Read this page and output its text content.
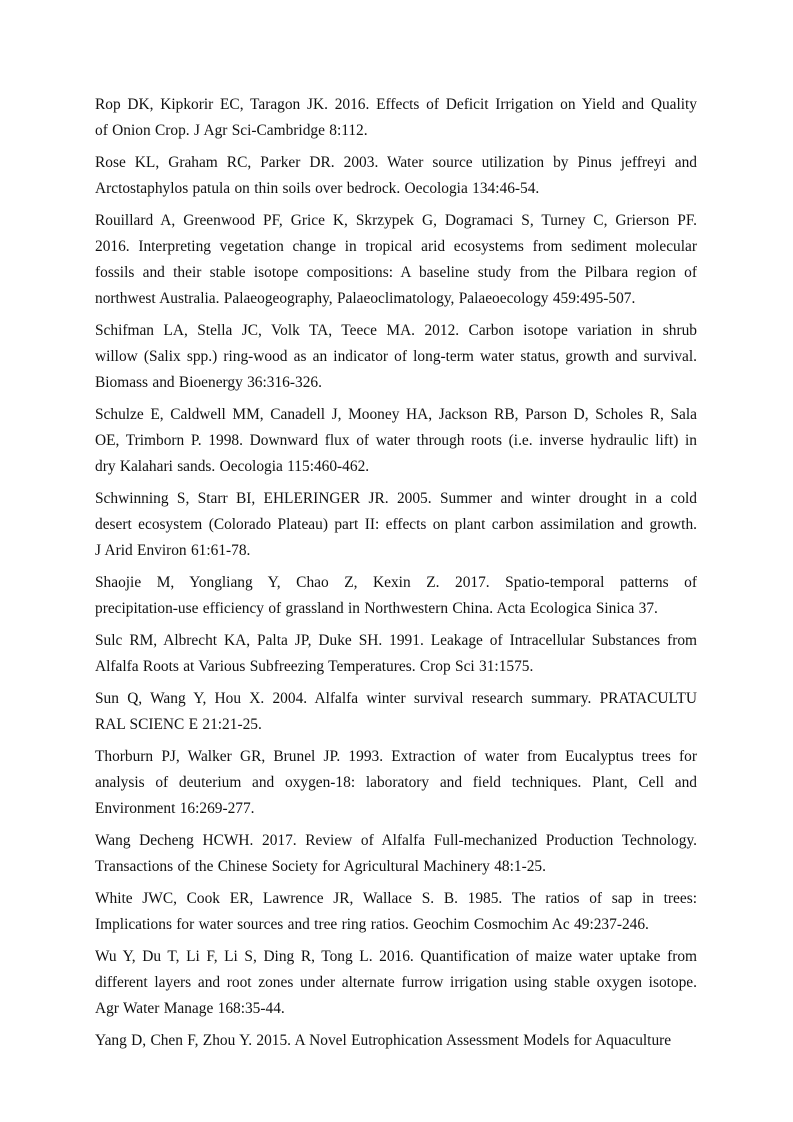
Rop DK, Kipkorir EC, Taragon JK. 2016. Effects of Deficit Irrigation on Yield and Quality
of Onion Crop. J Agr Sci-Cambridge 8:112.

Rose KL, Graham RC, Parker DR. 2003. Water source utilization by Pinus jeffreyi and
Arctostaphylos patula on thin soils over bedrock. Oecologia 134:46-54.

Rouillard A, Greenwood PF, Grice K, Skrzypek G, Dogramaci S, Turney C, Grierson PF.
2016. Interpreting vegetation change in tropical arid ecosystems from sediment molecular
fossils and their stable isotope compositions: A baseline study from the Pilbara region of
northwest Australia. Palaeogeography, Palaeoclimatology, Palaeoecology 459:495-507.

Schifman LA, Stella JC, Volk TA, Teece MA. 2012. Carbon isotope variation in shrub
willow (Salix spp.) ring-wood as an indicator of long-term water status, growth and survival.
Biomass and Bioenergy 36:316-326.

Schulze E, Caldwell MM, Canadell J, Mooney HA, Jackson RB, Parson D, Scholes R, Sala
OE, Trimborn P. 1998. Downward flux of water through roots (i.e. inverse hydraulic lift) in
dry Kalahari sands. Oecologia 115:460-462.

Schwinning S, Starr BI, EHLERINGER JR. 2005. Summer and winter drought in a cold
desert ecosystem (Colorado Plateau) part II: effects on plant carbon assimilation and growth.
J Arid Environ 61:61-78.

Shaojie M, Yongliang Y, Chao Z, Kexin Z. 2017. Spatio-temporal patterns of
precipitation-use efficiency of grassland in Northwestern China. Acta Ecologica Sinica 37.

Sulc RM, Albrecht KA, Palta JP, Duke SH. 1991. Leakage of Intracellular Substances from
Alfalfa Roots at Various Subfreezing Temperatures. Crop Sci 31:1575.

Sun Q, Wang Y, Hou X. 2004. Alfalfa winter survival research summary. PRATACULTU
RAL SCIENC E 21:21-25.

Thorburn PJ, Walker GR, Brunel JP. 1993. Extraction of water from Eucalyptus trees for
analysis of deuterium and oxygen-18: laboratory and field techniques. Plant, Cell and
Environment 16:269-277.

Wang Decheng HCWH. 2017. Review of Alfalfa Full-mechanized Production Technology.
Transactions of the Chinese Society for Agricultural Machinery 48:1-25.

White JWC, Cook ER, Lawrence JR, Wallace S. B. 1985. The ratios of sap in trees:
Implications for water sources and tree ring ratios. Geochim Cosmochim Ac 49:237-246.

Wu Y, Du T, Li F, Li S, Ding R, Tong L. 2016. Quantification of maize water uptake from
different layers and root zones under alternate furrow irrigation using stable oxygen isotope.
Agr Water Manage 168:35-44.

Yang D, Chen F, Zhou Y. 2015. A Novel Eutrophication Assessment Models for Aquaculture
